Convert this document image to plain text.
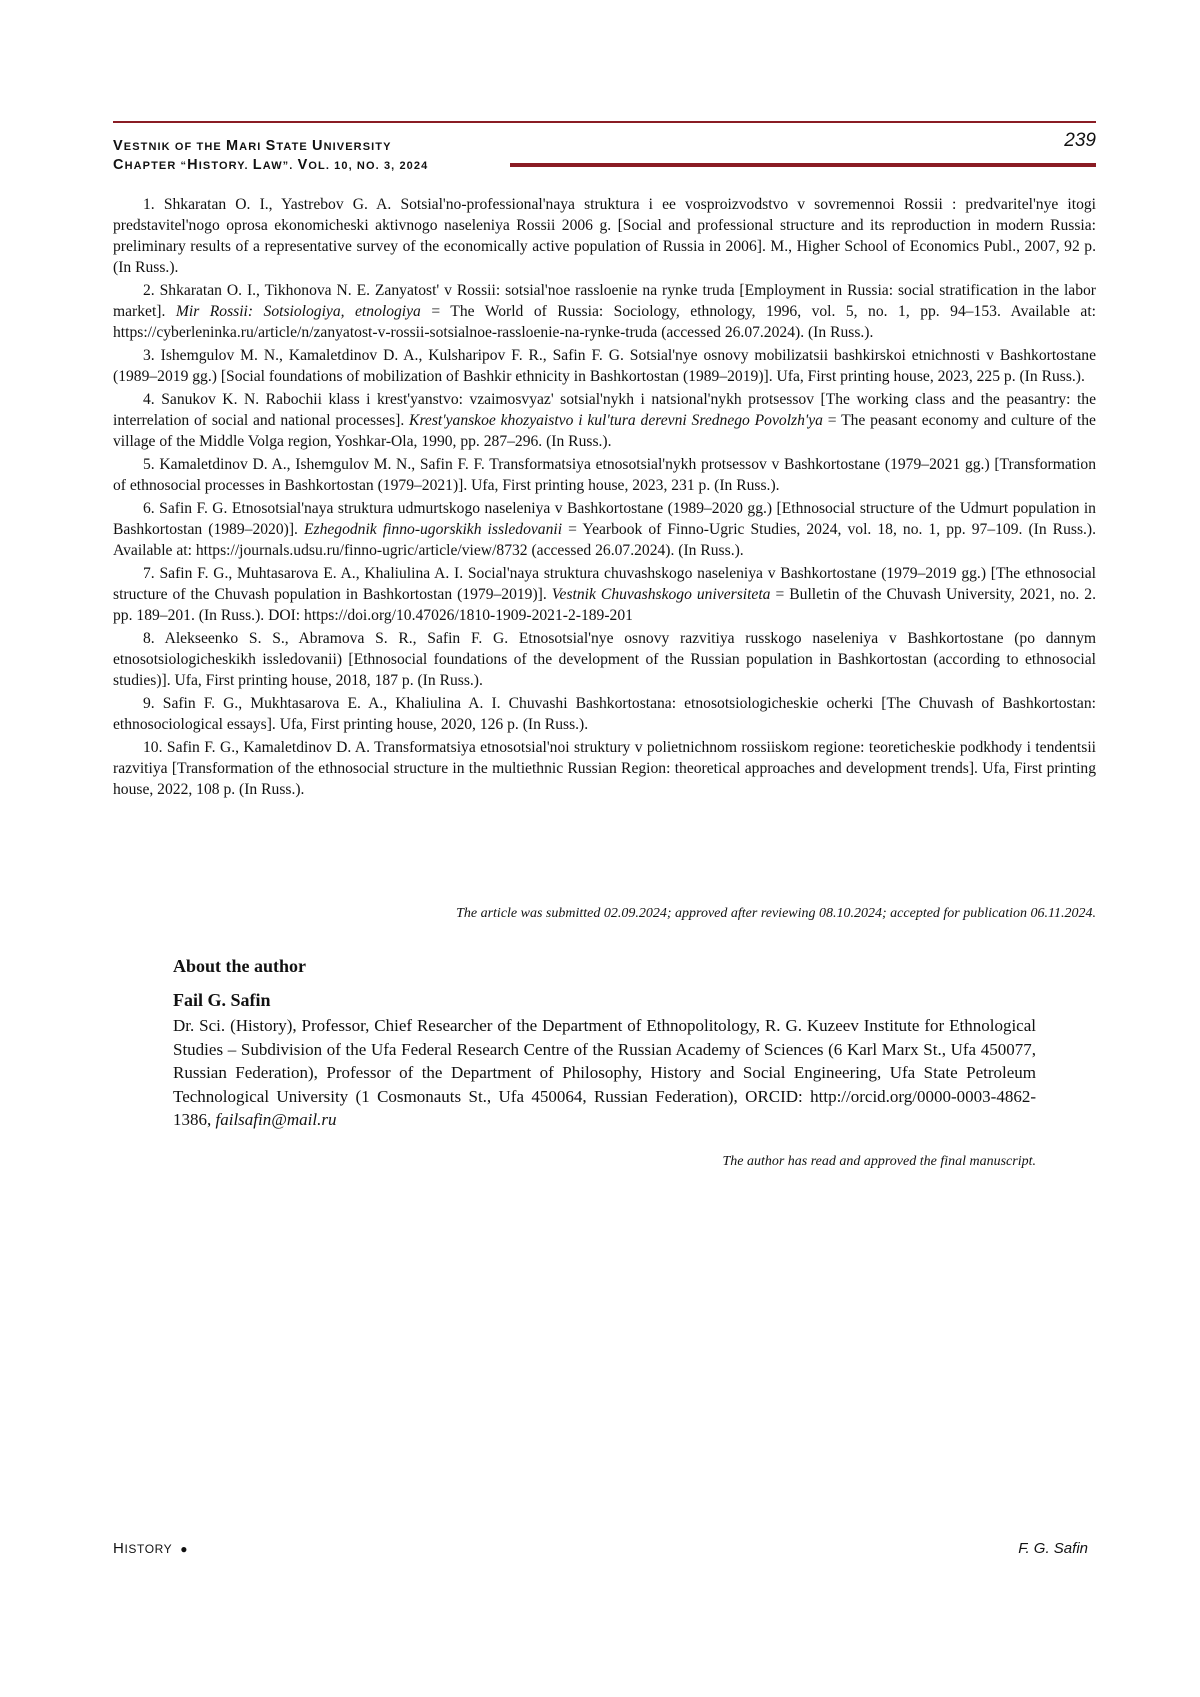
VESTNIK OF THE MARI STATE UNIVERSITY
CHAPTER “HISTORY. LAW”. VOL. 10, NO. 3, 2024
239

1. Shkaratan O. I., Yastrebov G. A. Sotsial'no-professional'naya struktura i ee vosproizvodstvo v sovremennoi Rossii : predvaritel'nye itogi predstavitel'nogo oprosa ekonomicheski aktivnogo naseleniya Rossii 2006 g. [Social and professional structure and its reproduction in modern Russia: preliminary results of a representative survey of the economically active population of Russia in 2006]. M., Higher School of Economics Publ., 2007, 92 p. (In Russ.).

2. Shkaratan O. I., Tikhonova N. E. Zanyatost' v Rossii: sotsial'noe rassloenie na rynke truda [Employment in Russia: social stratification in the labor market]. Mir Rossii: Sotsiologiya, etnologiya = The World of Russia: Sociology, ethnology, 1996, vol. 5, no. 1, pp. 94–153. Available at: https://cyberleninka.ru/article/n/zanyatost-v-rossii-sotsialnoe-rassloenie-na-rynke-truda (accessed 26.07.2024). (In Russ.).

3. Ishemgulov M. N., Kamaletdinov D. A., Kulsharipov F. R., Safin F. G. Sotsial'nye osnovy mobilizatsii bashkirskoi etnichnosti v Bashkortostane (1989–2019 gg.) [Social foundations of mobilization of Bashkir ethnicity in Bashkortostan (1989–2019)]. Ufa, First printing house, 2023, 225 p. (In Russ.).

4. Sanukov K. N. Rabochii klass i krest'yanstvo: vzaimosvyaz' sotsial'nykh i natsional'nykh protsessov [The working class and the peasantry: the interrelation of social and national processes]. Krest'yanskoe khozyaistvo i kul'tura derevni Srednego Povolzh'ya = The peasant economy and culture of the village of the Middle Volga region, Yoshkar-Ola, 1990, pp. 287–296. (In Russ.).

5. Kamaletdinov D. A., Ishemgulov M. N., Safin F. F. Transformatsiya etnosotsial'nykh protsessov v Bashkortostane (1979–2021 gg.) [Transformation of ethnosocial processes in Bashkortostan (1979–2021)]. Ufa, First printing house, 2023, 231 p. (In Russ.).

6. Safin F. G. Etnosotsial'naya struktura udmurtskogo naseleniya v Bashkortostane (1989–2020 gg.) [Ethnosocial structure of the Udmurt population in Bashkortostan (1989–2020)]. Ezhegodnik finno-ugorskikh issledovanii = Yearbook of Finno-Ugric Studies, 2024, vol. 18, no. 1, pp. 97–109. (In Russ.). Available at: https://journals.udsu.ru/finno-ugric/article/view/8732 (accessed 26.07.2024). (In Russ.).

7. Safin F. G., Muhtasarova E. A., Khaliulina A. I. Social'naya struktura chuvashskogo naseleniya v Bashkortostane (1979–2019 gg.) [The ethnosocial structure of the Chuvash population in Bashkortostan (1979–2019)]. Vestnik Chuvashskogo universiteta = Bulletin of the Chuvash University, 2021, no. 2. pp. 189–201. (In Russ.). DOI: https://doi.org/10.47026/1810-1909-2021-2-189-201

8. Alekseenko S. S., Abramova S. R., Safin F. G. Etnosotsial'nye osnovy razvitiya russkogo naseleniya v Bashkortostane (po dannym etnosotsiologicheskikh issledovanii) [Ethnosocial foundations of the development of the Russian population in Bashkortostan (according to ethnosocial studies)]. Ufa, First printing house, 2018, 187 p. (In Russ.).

9. Safin F. G., Mukhtasarova E. A., Khaliulina A. I. Chuvashi Bashkortostana: etnosotsiologicheskie ocherki [The Chuvash of Bashkortostan: ethnosociological essays]. Ufa, First printing house, 2020, 126 p. (In Russ.).

10. Safin F. G., Kamaletdinov D. A. Transformatsiya etnosotsial'noi struktury v polietnichnom rossiiskom regione: teoreticheskie podkhody i tendentsii razvitiya [Transformation of the ethnosocial structure in the multiethnic Russian Region: theoretical approaches and development trends]. Ufa, First printing house, 2022, 108 p. (In Russ.).

The article was submitted 02.09.2024; approved after reviewing 08.10.2024; accepted for publication 06.11.2024.
About the author
Fail G. Safin
Dr. Sci. (History), Professor, Chief Researcher of the Department of Ethnopolitology, R. G. Kuzeev Institute for Ethnological Studies – Subdivision of the Ufa Federal Research Centre of the Russian Academy of Sciences (6 Karl Marx St., Ufa 450077, Russian Federation), Professor of the Department of Philosophy, History and Social Engineering, Ufa State Petroleum Technological University (1 Cosmonauts St., Ufa 450064, Russian Federation), ORCID: http://orcid.org/0000-0003-4862-1386, failsafin@mail.ru
The author has read and approved the final manuscript.
HISTORY ●	F. G. Safin
